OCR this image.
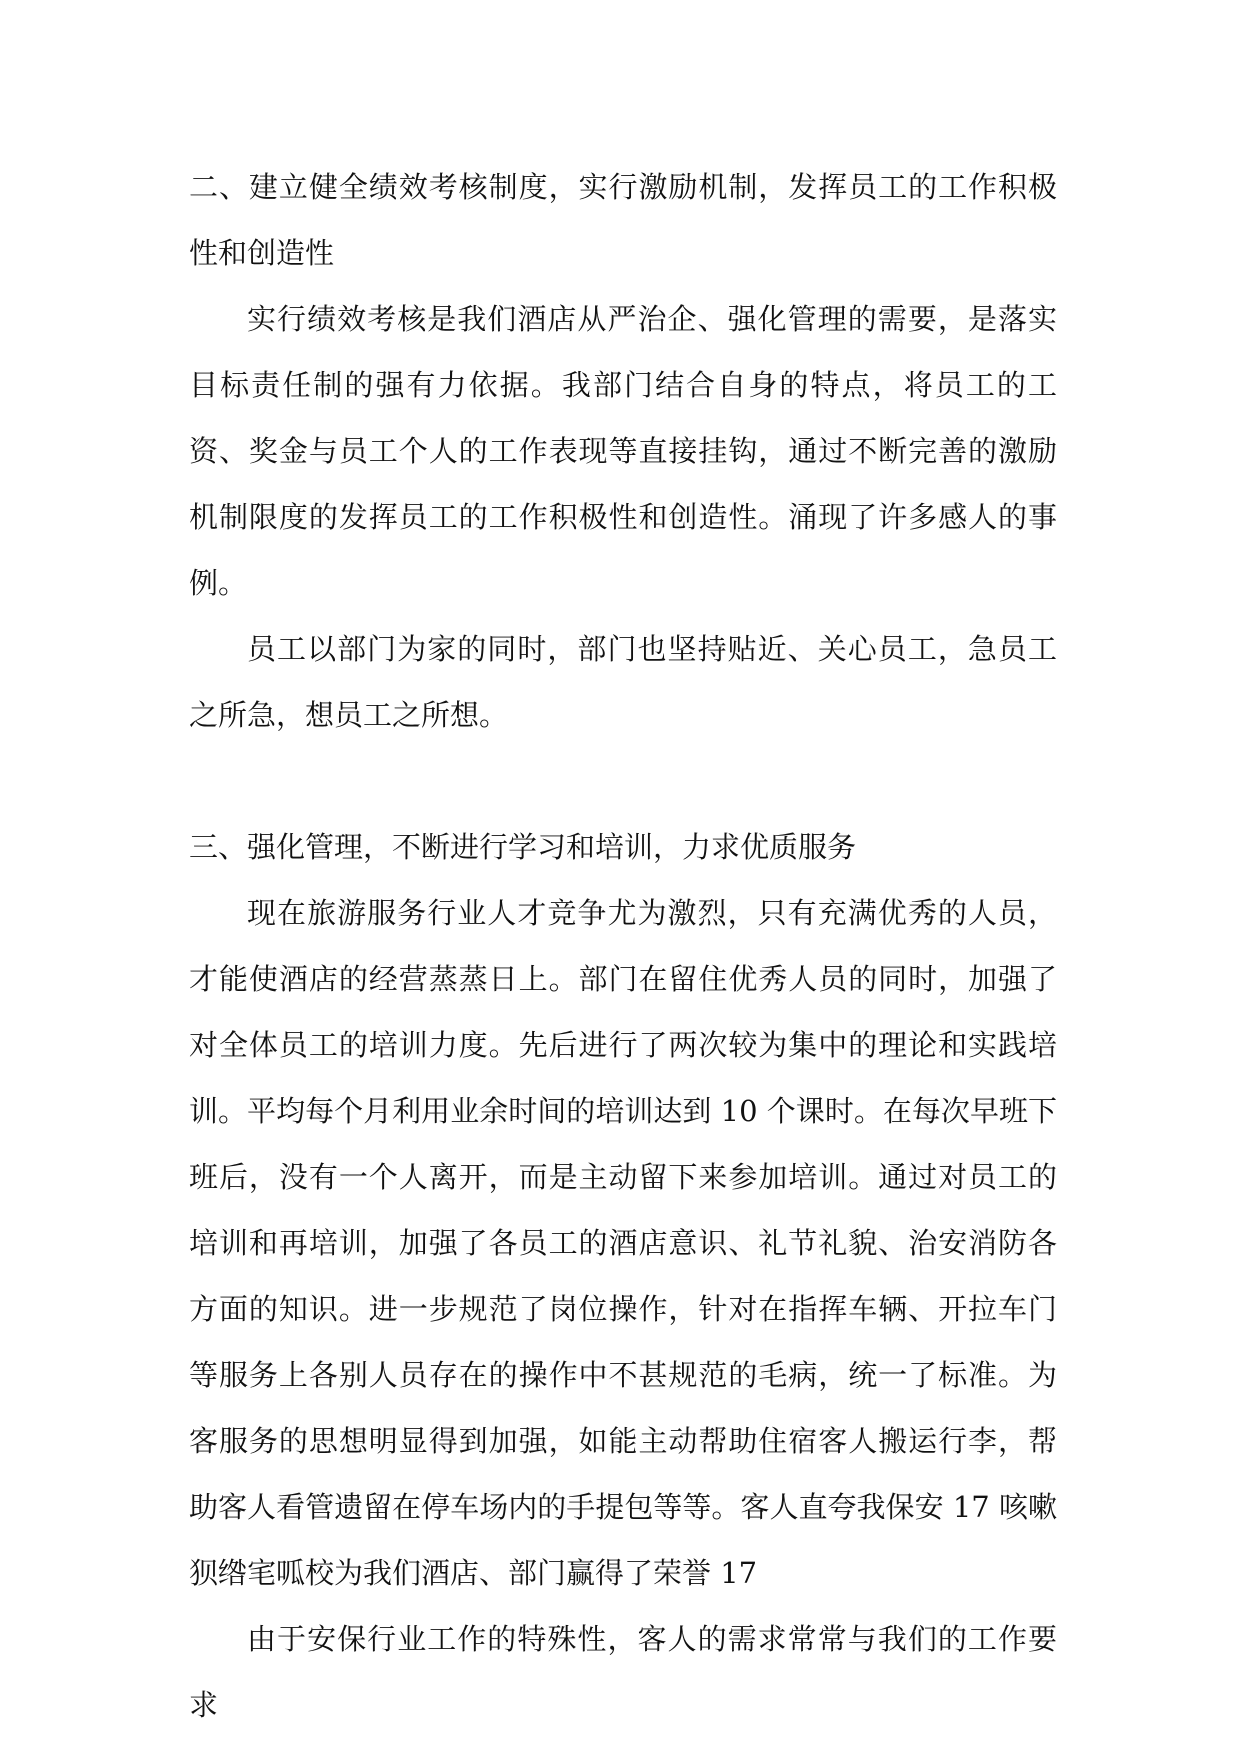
二、建立健全绩效考核制度，实行激励机制，发挥员工的工作积极性和创造性

实行绩效考核是我们酒店从严治企、强化管理的需要，是落实目标责任制的强有力依据。我部门结合自身的特点，将员工的工资、奖金与员工个人的工作表现等直接挂钩，通过不断完善的激励机制限度的发挥员工的工作积极性和创造性。涌现了许多感人的事例。

员工以部门为家的同时，部门也坚持贴近、关心员工，急员工之所急，想员工之所想。

三、强化管理，不断进行学习和培训，力求优质服务

现在旅游服务行业人才竞争尤为激烈，只有充满优秀的人员，才能使酒店的经营蒸蒸日上。部门在留住优秀人员的同时，加强了对全体员工的培训力度。先后进行了两次较为集中的理论和实践培训。平均每个月利用业余时间的培训达到 10 个课时。在每次早班下班后，没有一个人离开，而是主动留下来参加培训。通过对员工的培训和再培训，加强了各员工的酒店意识、礼节礼貌、治安消防各方面的知识。进一步规范了岗位操作，针对在指挥车辆、开拉车门等服务上各别人员存在的操作中不甚规范的毛病，统一了标准。为客服务的思想明显得到加强，如能主动帮助住宿客人搬运行李，帮助客人看管遗留在停车场内的手提包等等。客人直夸我保安 17 咳嗽狈绺宒呱校为我们酒店、部门赢得了荣誉 17

由于安保行业工作的特殊性，客人的需求常常与我们的工作要求
